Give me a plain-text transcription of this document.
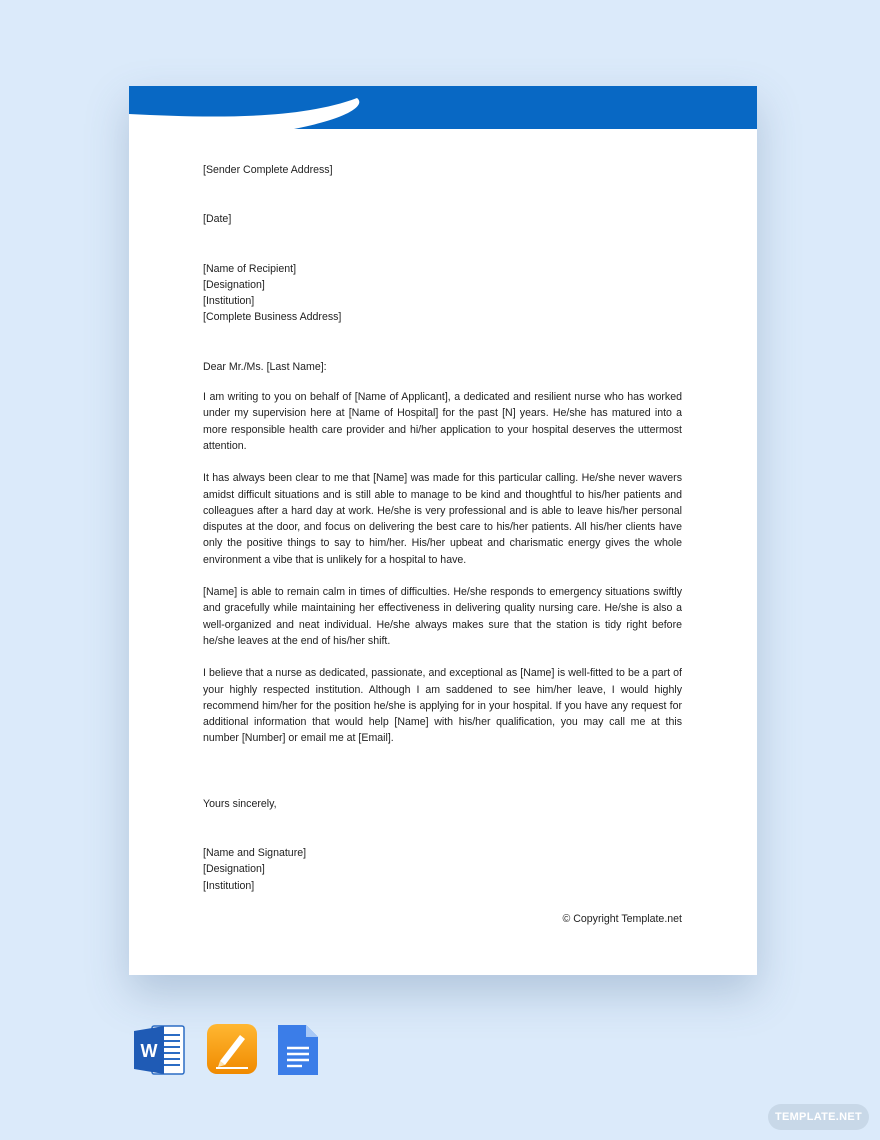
[Sender Complete Address]

[Date]

[Name of Recipient]
[Designation]
[Institution]
[Complete Business Address]

Dear Mr./Ms. [Last Name]:

I am writing to you on behalf of [Name of Applicant], a dedicated and resilient nurse who has worked under my supervision here at [Name of Hospital] for the past [N] years. He/she has matured into a more responsible health care provider and hi/her application to your hospital deserves the uttermost attention.

It has always been clear to me that [Name] was made for this particular calling. He/she never wavers amidst difficult situations and is still able to manage to be kind and thoughtful to his/her patients and colleagues after a hard day at work. He/she is very professional and is able to leave his/her personal disputes at the door, and focus on delivering the best care to his/her patients. All his/her clients have only the positive things to say to him/her. His/her upbeat and charismatic energy gives the whole environment a vibe that is unlikely for a hospital to have.

[Name] is able to remain calm in times of difficulties. He/she responds to emergency situations swiftly and gracefully while maintaining her effectiveness in delivering quality nursing care. He/she is also a well-organized and neat individual. He/she always makes sure that the station is tidy right before he/she leaves at the end of his/her shift.

I believe that a nurse as dedicated, passionate, and exceptional as [Name] is well-fitted to be a part of your highly respected institution. Although I am saddened to see him/her leave, I would highly recommend him/her for the position he/she is applying for in your hospital. If you have any request for additional information that would help [Name] with his/her qualification, you may call me at this number [Number] or email me at [Email].

Yours sincerely,

[Name and Signature]
[Designation]
[Institution]
© Copyright Template.net
W
TEMPLATE.NET
